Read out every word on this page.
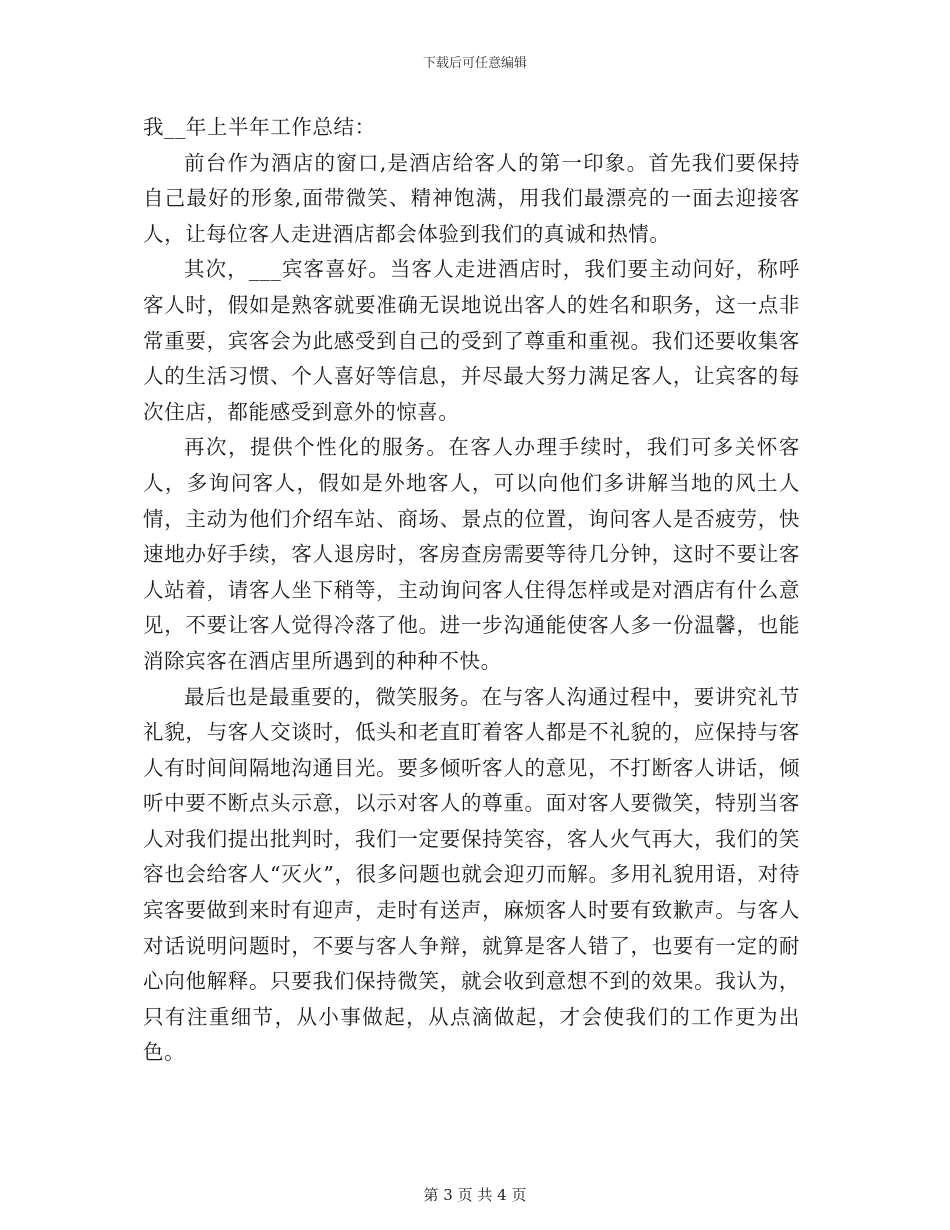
下载后可任意编辑

我__年上半年工作总结：

前台作为酒店的窗口,是酒店给客人的第一印象。首先我们要保持自己最好的形象,面带微笑、精神饱满，用我们最漂亮的一面去迎接客人，让每位客人走进酒店都会体验到我们的真诚和热情。

其次，___宾客喜好。当客人走进酒店时，我们要主动问好，称呼客人时，假如是熟客就要准确无误地说出客人的姓名和职务，这一点非常重要，宾客会为此感受到自己的受到了尊重和重视。我们还要收集客人的生活习惯、个人喜好等信息，并尽最大努力满足客人，让宾客的每次住店，都能感受到意外的惊喜。

再次，提供个性化的服务。在客人办理手续时，我们可多关怀客人，多询问客人，假如是外地客人，可以向他们多讲解当地的风土人情，主动为他们介绍车站、商场、景点的位置，询问客人是否疲劳，快速地办好手续，客人退房时，客房查房需要等待几分钟，这时不要让客人站着，请客人坐下稍等，主动询问客人住得怎样或是对酒店有什么意见，不要让客人觉得冷落了他。进一步沟通能使客人多一份温馨，也能消除宾客在酒店里所遇到的种种不快。

最后也是最重要的，微笑服务。在与客人沟通过程中，要讲究礼节礼貌，与客人交谈时，低头和老直盯着客人都是不礼貌的，应保持与客人有时间间隔地沟通目光。要多倾听客人的意见，不打断客人讲话，倾听中要不断点头示意，以示对客人的尊重。面对客人要微笑，特别当客人对我们提出批判时，我们一定要保持笑容，客人火气再大，我们的笑容也会给客人“灭火”，很多问题也就会迎刃而解。多用礼貌用语，对待宾客要做到来时有迎声，走时有送声，麻烦客人时要有致歉声。与客人对话说明问题时，不要与客人争辩，就算是客人错了，也要有一定的耐心向他解释。只要我们保持微笑，就会收到意想不到的效果。我认为，只有注重细节，从小事做起，从点滴做起，才会使我们的工作更为出色。

第 3 页 共 4 页
